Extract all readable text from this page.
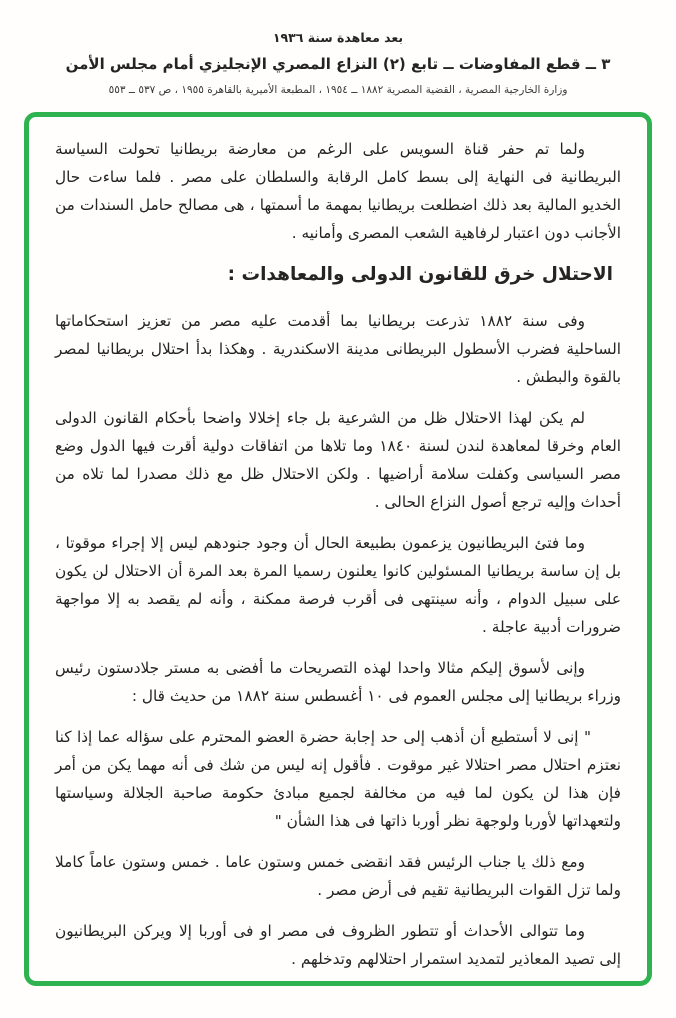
بعد معاهدة سنة ١٩٣٦
٣ ــ قطع المفاوضات ــ تابع (٢) النزاع المصري الإنجليزي أمام مجلس الأمن
وزارة الخارجية المصرية ، القضية المصرية ١٨٨٢ ــ ١٩٥٤ ، المطبعة الأميرية بالقاهرة ١٩٥٥ ، ص ٥٣٧ ــ ٥٥٣

ولما تم حفر قناة السويس على الرغم من معارضة بريطانيا تحولت السياسة البريطانية فى النهاية إلى بسط كامل الرقابة والسلطان على مصر . فلما ساءت حال الخديو المالية بعد ذلك اضطلعت بريطانيا بمهمة ما أسمتها ، هى مصالح حامل السندات من الأجانب دون اعتبار لرفاهية الشعب المصرى وأمانيه .

الاحتلال خرق للقانون الدولى والمعاهدات :

وفى سنة ١٨٨٢ تذرعت بريطانيا بما أقدمت عليه مصر من تعزيز استحكاماتها الساحلية فضرب الأسطول البريطانى مدينة الاسكندرية . وهكذا بدأ احتلال بريطانيا لمصر بالقوة والبطش .

لم يكن لهذا الاحتلال ظل من الشرعية بل جاء إخلالا واضحا بأحكام القانون الدولى العام وخرقا لمعاهدة لندن لسنة ١٨٤٠ وما تلاها من اتفاقات دولية أقرت فيها الدول وضع مصر السياسى وكفلت سلامة أراضيها . ولكن الاحتلال ظل مع ذلك مصدرا لما تلاه من أحداث وإليه ترجع أصول النزاع الحالى .

وما فتئ البريطانيون يزعمون بطبيعة الحال أن وجود جنودهم ليس إلا إجراء موقوتا ، بل إن ساسة بريطانيا المسئولين كانوا يعلنون رسميا المرة بعد المرة أن الاحتلال لن يكون على سبيل الدوام ، وأنه سينتهى فى أقرب فرصة ممكنة ، وأنه لم يقصد به إلا مواجهة ضرورات أدبية عاجلة .

وإنى لأسوق إليكم مثالا واحدا لهذه التصريحات ما أفضى به مستر جلادستون رئيس وزراء بريطانيا إلى مجلس العموم فى ١٠ أغسطس سنة ١٨٨٢ من حديث قال :

" إنى لا أستطيع أن أذهب إلى حد إجابة حضرة العضو المحترم على سؤاله عما إذا كنا نعتزم احتلال مصر احتلالا غير موقوت . فأقول إنه ليس من شك فى أنه مهما يكن من أمر فإن هذا لن يكون لما فيه من مخالفة لجميع مبادئ حكومة صاحبة الجلالة وسياستها ولتعهداتها لأوربا ولوجهة نظر أوربا ذاتها فى هذا الشأن "

ومع ذلك يا جناب الرئيس فقد انقضى خمس وستون عاما . خمس وستون عاماً كاملا ولما تزل القوات البريطانية تقيم فى أرض مصر .

وما تتوالى الأحداث أو تتطور الظروف فى مصر او فى أوربا إلا ويركن البريطانيون إلى تصيد المعاذير لتمديد استمرار احتلالهم وتدخلهم .
